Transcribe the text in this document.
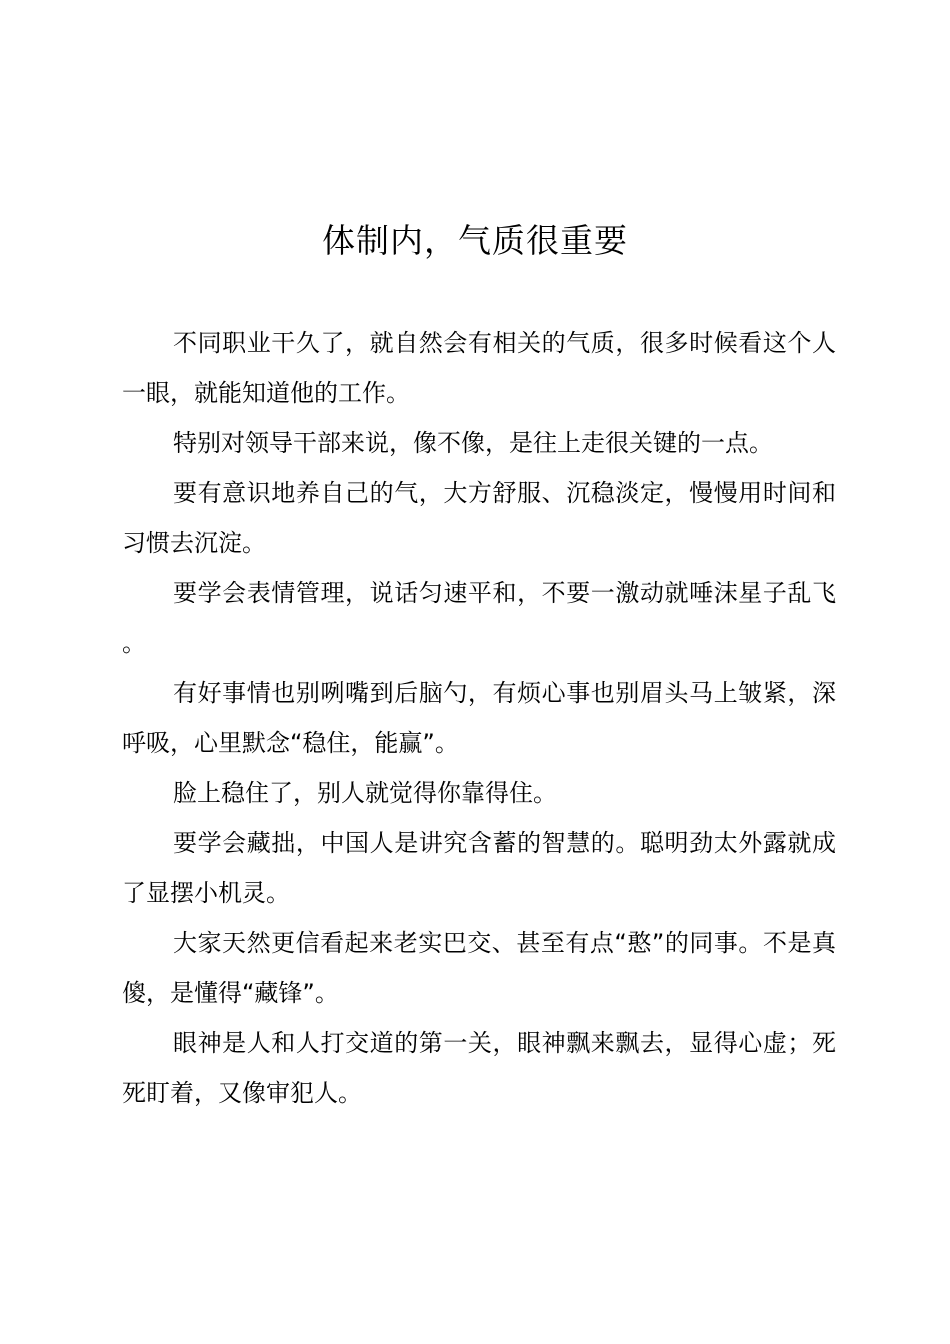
体制内，气质很重要

不同职业干久了，就自然会有相关的气质，很多时候看这个人一眼，就能知道他的工作。

特别对领导干部来说，像不像，是往上走很关键的一点。

要有意识地养自己的气，大方舒服、沉稳淡定，慢慢用时间和习惯去沉淀。

要学会表情管理，说话匀速平和，不要一激动就唾沫星子乱飞。

有好事情也别咧嘴到后脑勺，有烦心事也别眉头马上皱紧，深呼吸，心里默念“稳住，能赢”。

脸上稳住了，别人就觉得你靠得住。

要学会藏拙，中国人是讲究含蓄的智慧的。聪明劲太外露就成了显摆小机灵。

大家天然更信看起来老实巴交、甚至有点“憨”的同事。不是真傻，是懂得“藏锋”。

眼神是人和人打交道的第一关，眼神飘来飘去，显得心虚；死死盯着，又像审犯人。
